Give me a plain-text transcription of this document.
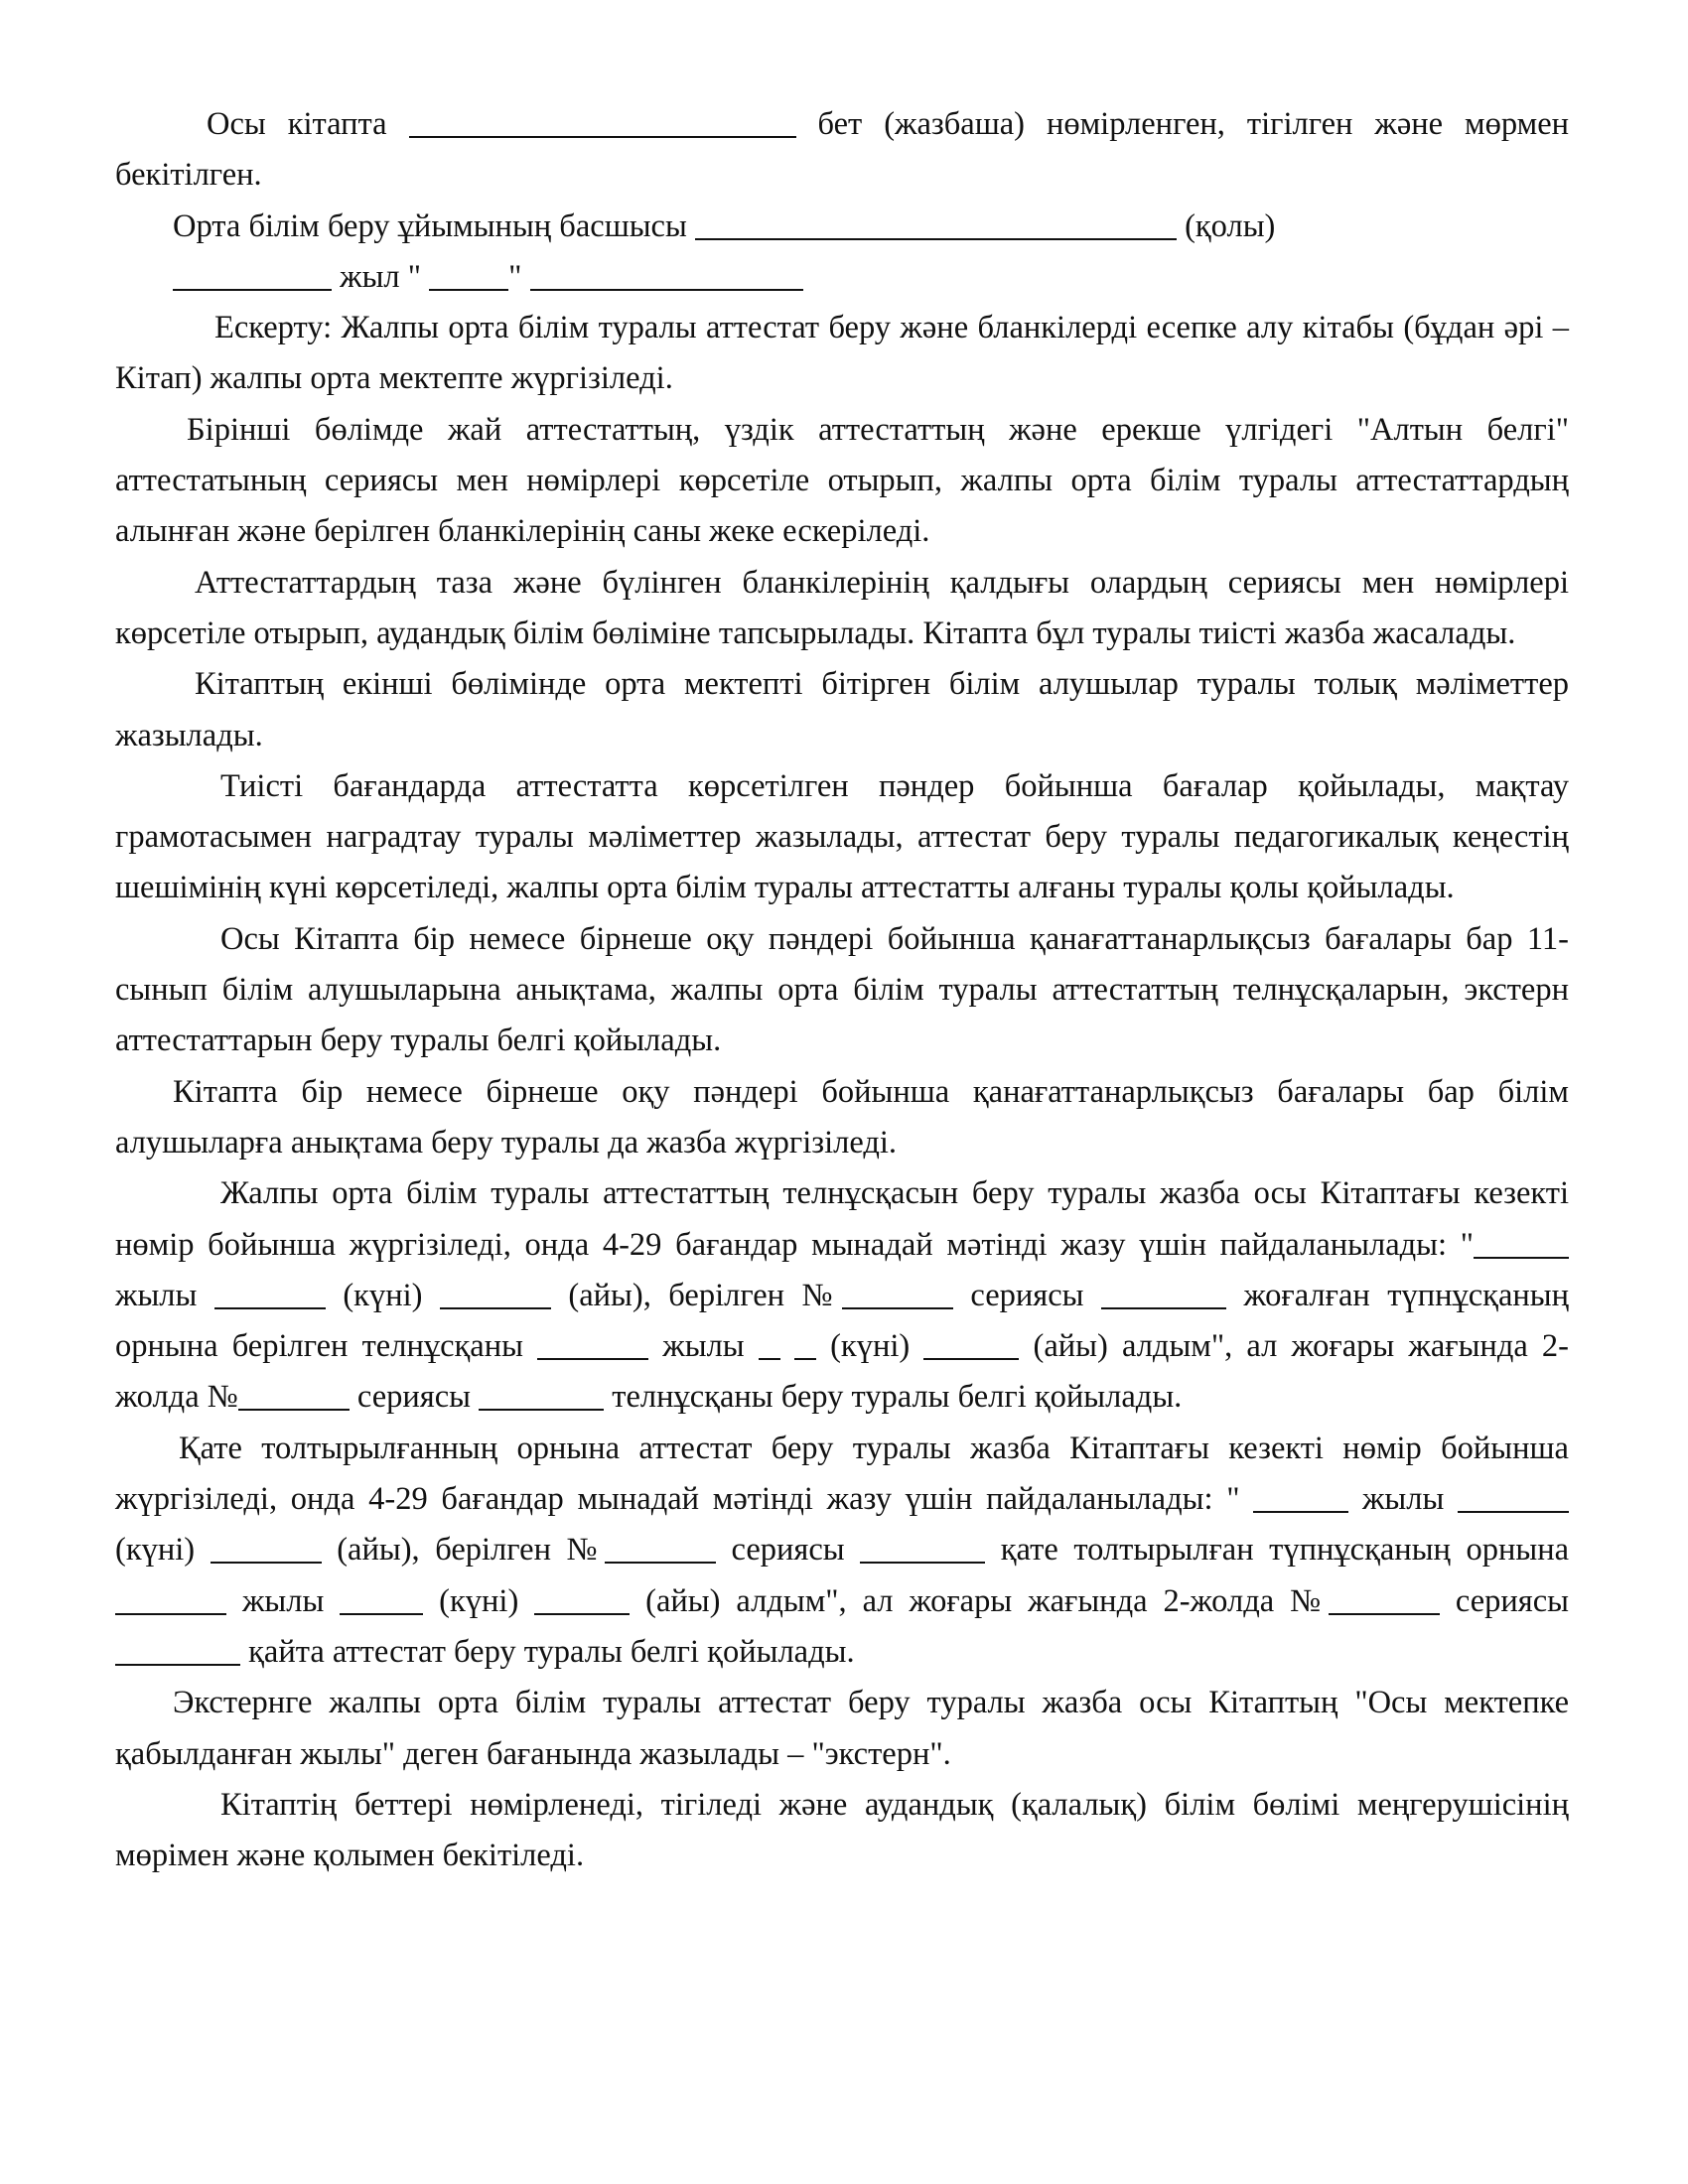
Осы кітапта	бет (жазбаша) нөмірленген, тігілген және мөрмен бекітілген.

Орта білім беру ұйымының басшысы	(қолы)

жыл "	"

Ескерту: Жалпы орта білім туралы аттестат беру және бланкілерді есепке алу кітабы (бұдан әрі – Кітап) жалпы орта мектепте жүргізіледі.

Бірінші бөлімде жай аттестаттың, үздік аттестаттың және ерекше үлгідегі "Алтын белгі" аттестатының сериясы мен нөмірлері көрсетіле отырып, жалпы орта білім туралы аттестаттардың алынған және берілген бланкілерінің саны жеке ескеріледі.

Аттестаттардың таза және бүлінген бланкілерінің қалдығы олардың сериясы мен нөмірлері көрсетіле отырып, аудандық білім бөліміне тапсырылады. Кітапта бұл туралы тиісті жазба жасалады.

Кітаптың екінші бөлімінде орта мектепті бітірген білім алушылар туралы толық мәліметтер жазылады.

Тиісті бағандарда аттестатта көрсетілген пәндер бойынша бағалар қойылады, мақтау грамотасымен наградтау туралы мәліметтер жазылады, аттестат беру туралы педагогикалық кеңестің шешімінің күні көрсетіледі, жалпы орта білім туралы аттестатты алғаны туралы қолы қойылады.

Осы Кітапта бір немесе бірнеше оқу пәндері бойынша қанағаттанарлықсыз бағалары бар 11-сынып білім алушыларына анықтама, жалпы орта білім туралы аттестаттың телнұсқаларын, экстерн аттестаттарын беру туралы белгі қойылады.

Кітапта бір немесе бірнеше оқу пәндері бойынша қанағаттанарлықсыз бағалары бар білім алушыларға анықтама беру туралы да жазба жүргізіледі.

Жалпы орта білім туралы аттестаттың телнұсқасын беру туралы жазба осы Кітаптағы кезекті нөмір бойынша жүргізіледі, онда 4-29 бағандар мынадай мәтінді жазу үшін пайдаланылады: " жылы	(күні)	(айы), берілген №	сериясы	жоғалған түпнұсқаның орнына берілген телнұсқаны	жылы	(күні)	(айы) алдым", ал жоғары жағында 2-жолда №	сериясы	телнұсқаны беру туралы белгі қойылады.

Қате толтырылғанның орнына аттестат беру туралы жазба Кітаптағы кезекті нөмір бойынша жүргізіледі, онда 4-29 бағандар мынадай мәтінді жазу үшін пайдаланылады: "	жылы  (күні)	(айы), берілген №	сериясы	қате толтырылған түпнұсқаның орнына  жылы	(күні)	(айы) алдым", ал жоғары жағында 2-жолда №	сериясы  қайта аттестат беру туралы белгі қойылады.

Экстернге жалпы орта білім туралы аттестат беру туралы жазба осы Кітаптың "Осы мектепке қабылданған жылы" деген бағанында жазылады – "экстерн".

Кітаптің беттері нөмірленеді, тігіледі және аудандық (қалалық) білім бөлімі меңгерушісінің мөрімен және қолымен бекітіледі.
